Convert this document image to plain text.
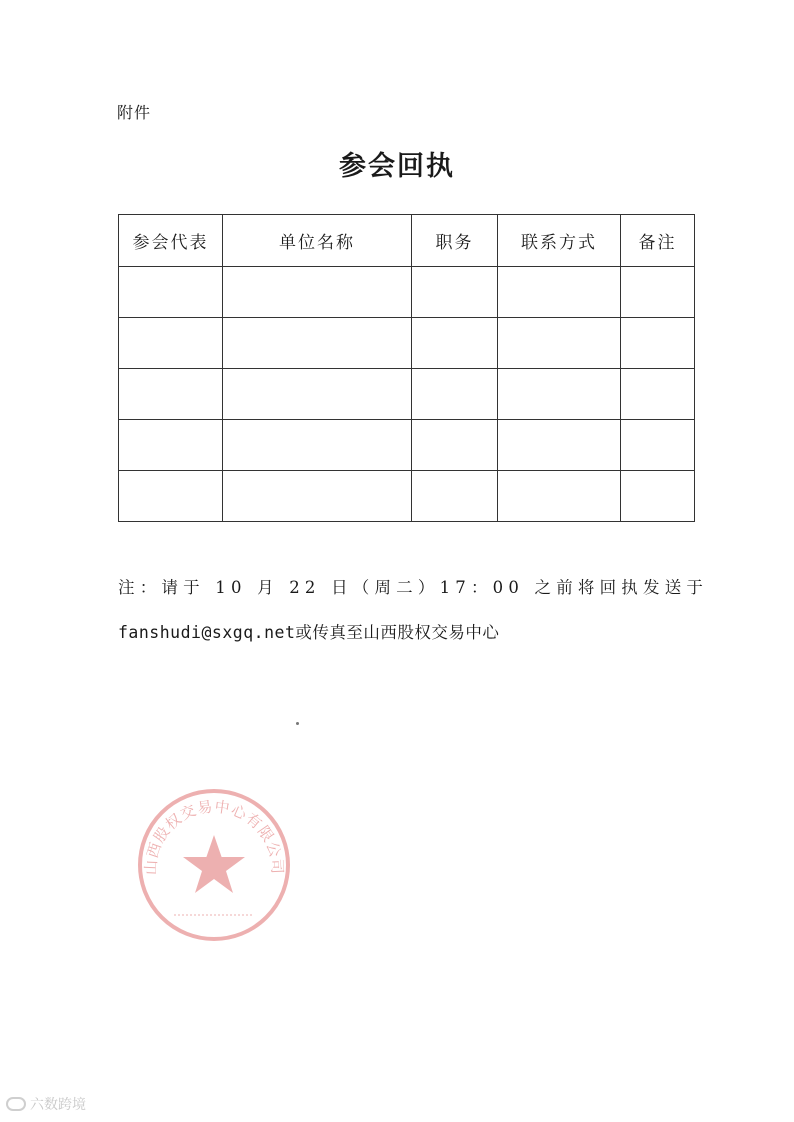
附件
参会回执
参会代表	单位名称	职务	联系方式	备注

注：请于 10 月 22 日（周二）17：00 之前将回执发送于
fanshudi@sxgq.net或传真至山西股权交易中心
山西股权交易中心有限公司
六数跨境
